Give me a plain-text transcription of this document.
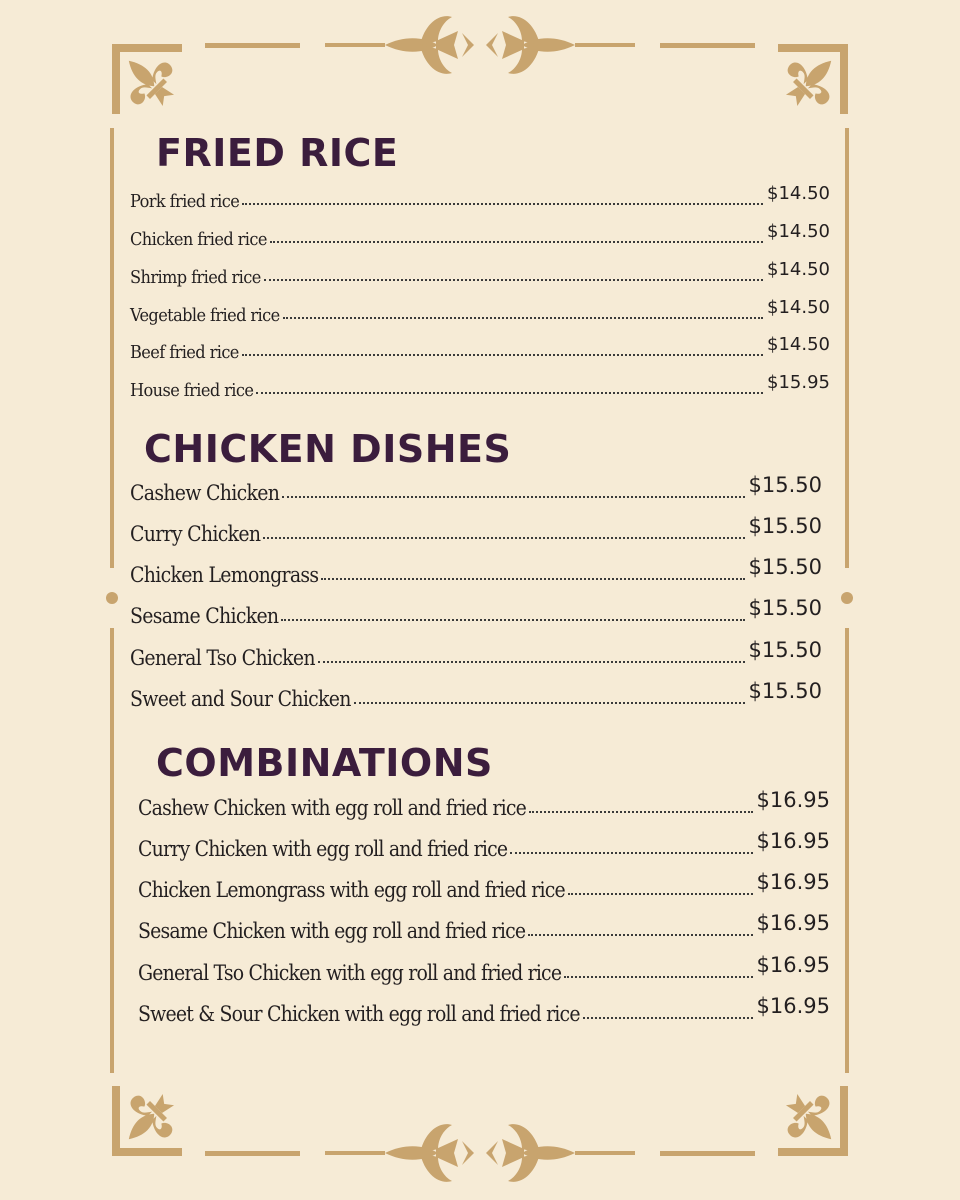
FRIED RICE
Pork fried rice	$14.50
Chicken fried rice	$14.50
Shrimp fried rice	$14.50
Vegetable fried rice	$14.50
Beef fried rice	$14.50
House fried rice	$15.95
CHICKEN DISHES
Cashew Chicken	$15.50
Curry Chicken	$15.50
Chicken Lemongrass	$15.50
Sesame Chicken	$15.50
General Tso Chicken	$15.50
Sweet and Sour Chicken	$15.50
COMBINATIONS
Cashew Chicken with egg roll and fried rice	$16.95
Curry Chicken with egg roll and fried rice	$16.95
Chicken Lemongrass with egg roll and fried rice	$16.95
Sesame Chicken with egg roll and fried rice	$16.95
General Tso Chicken with egg roll and fried rice	$16.95
Sweet & Sour Chicken with egg roll and fried rice	$16.95
